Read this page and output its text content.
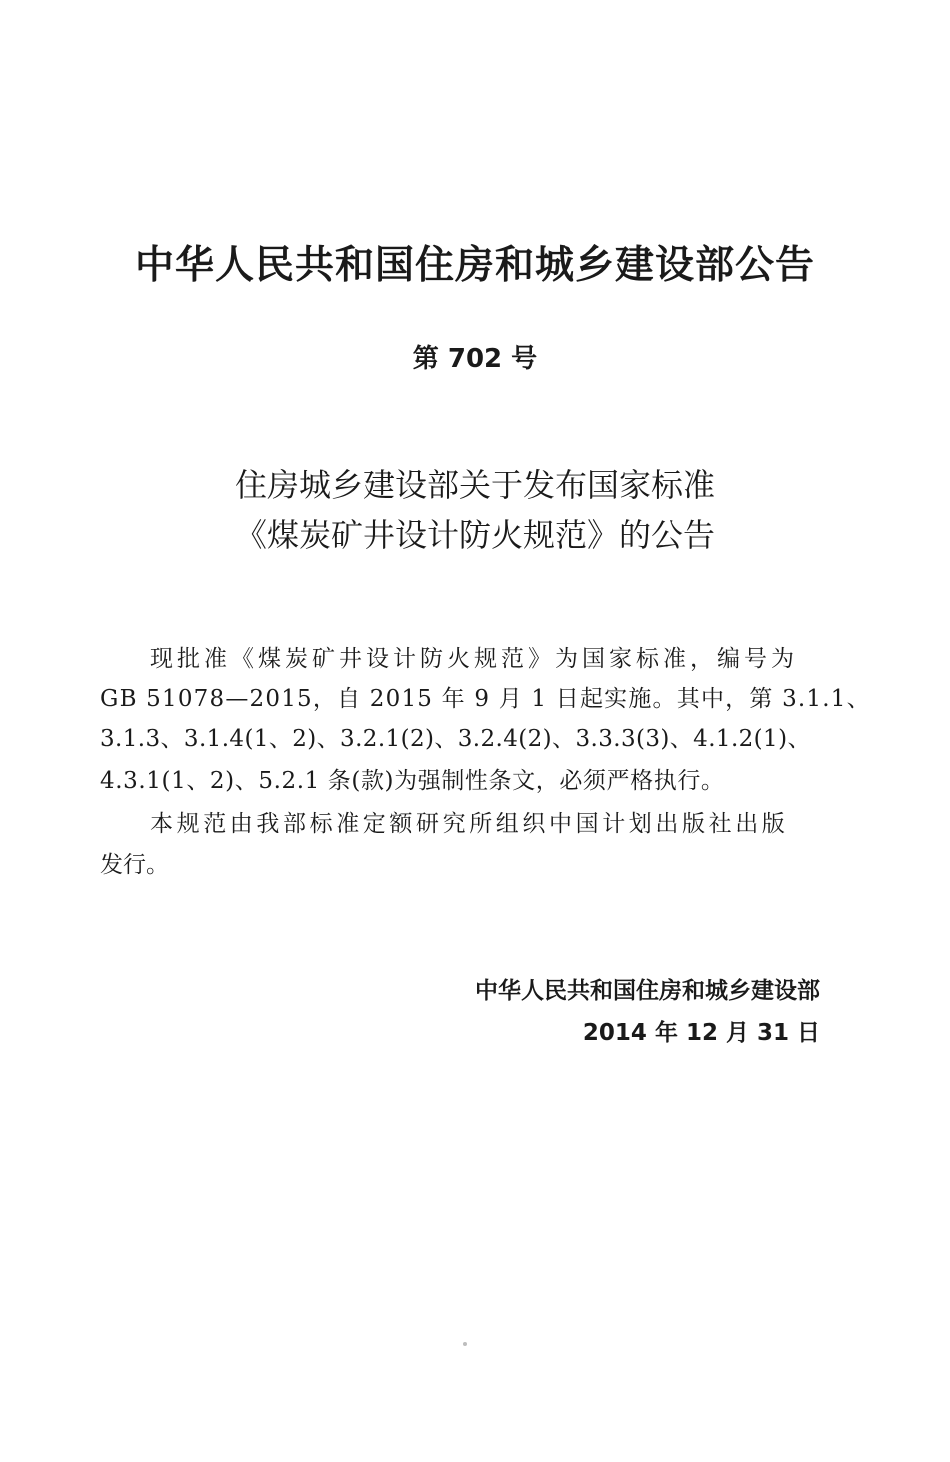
中华人民共和国住房和城乡建设部公告
第 702 号
住房城乡建设部关于发布国家标准
《煤炭矿井设计防火规范》的公告
现批准《煤炭矿井设计防火规范》为国家标准，编号为
GB 51078—2015，自 2015 年 9 月 1 日起实施。其中，第 3.1.1、
3.1.3、3.1.4(1、2)、3.2.1(2)、3.2.4(2)、3.3.3(3)、4.1.2(1)、
4.3.1(1、2)、5.2.1 条(款)为强制性条文，必须严格执行。
本规范由我部标准定额研究所组织中国计划出版社出版
发行。
中华人民共和国住房和城乡建设部
2014 年 12 月 31 日
